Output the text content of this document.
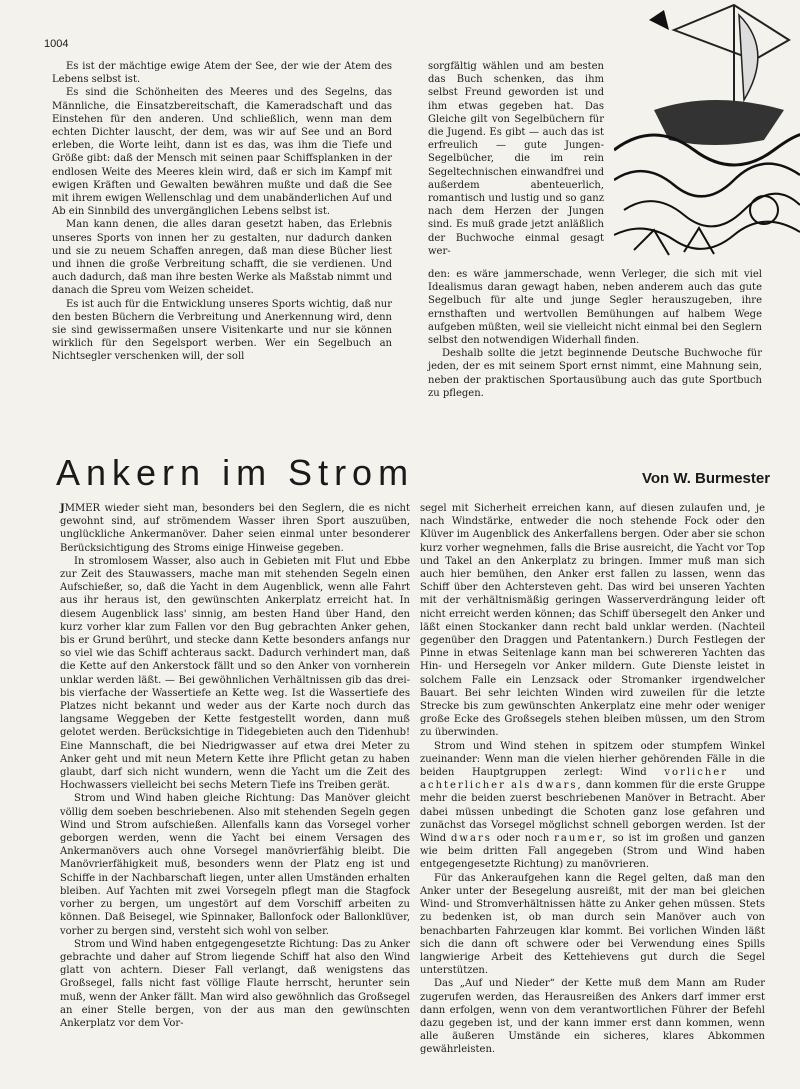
1004

Es ist der mächtige ewige Atem der See, der wie der Atem des Lebens selbst ist.

Es sind die Schönheiten des Meeres und des Segelns, das Männliche, die Einsatzbereitschaft, die Kameradschaft und das Einstehen für den anderen. Und schließlich, wenn man dem echten Dichter lauscht, der dem, was wir auf See und an Bord erleben, die Worte leiht, dann ist es das, was ihm die Tiefe und Größe gibt: daß der Mensch mit seinen paar Schiffsplanken in der endlosen Weite des Meeres klein wird, daß er sich im Kampf mit ewigen Kräften und Gewalten bewähren mußte und daß die See mit ihrem ewigen Wellenschlag und dem unabänderlichen Auf und Ab ein Sinnbild des unvergänglichen Lebens selbst ist.

Man kann denen, die alles daran gesetzt haben, das Erlebnis unseres Sports von innen her zu gestalten, nur dadurch danken und sie zu neuem Schaffen anregen, daß man diese Bücher liest und ihnen die große Verbreitung schafft, die sie verdienen. Und auch dadurch, daß man ihre besten Werke als Maßstab nimmt und danach die Spreu vom Weizen scheidet.

Es ist auch für die Entwicklung unseres Sports wichtig, daß nur den besten Büchern die Verbreitung und Anerkennung wird, denn sie sind gewissermaßen unsere Visitenkarte und nur sie können wirklich für den Segelsport werben. Wer ein Segelbuch an Nichtsegler verschenken will, der soll

sorgfältig wählen und am besten das Buch schenken, das ihm selbst Freund geworden ist und ihm etwas gegeben hat. Das Gleiche gilt von Segelbüchern für die Jugend. Es gibt — auch das ist erfreulich — gute Jungen-Segelbücher, die im rein Segeltechnischen einwandfrei und außerdem abenteuerlich, romantisch und lustig und so ganz nach dem Herzen der Jungen sind. Es muß grade jetzt anläßlich der Buchwoche einmal gesagt wer-

den: es wäre jammerschade, wenn Verleger, die sich mit viel Idealismus daran gewagt haben, neben anderem auch das gute Segelbuch für alte und junge Segler herauszugeben, ihre ernsthaften und wertvollen Bemühungen auf halbem Wege aufgeben müßten, weil sie vielleicht nicht einmal bei den Seglern selbst den notwendigen Widerhall finden.

Deshalb sollte die jetzt beginnende Deutsche Buchwoche für jeden, der es mit seinem Sport ernst nimmt, eine Mahnung sein, neben der praktischen Sportausübung auch das gute Sportbuch zu pflegen.

Ankern im Strom	Von W. Burmester

JMMER wieder sieht man, besonders bei den Seglern, die es nicht gewohnt sind, auf strömendem Wasser ihren Sport auszuüben, unglückliche Ankermanöver. Daher seien einmal unter besonderer Berücksichtigung des Stroms einige Hinweise gegeben.

In stromlosem Wasser, also auch in Gebieten mit Flut und Ebbe zur Zeit des Stauwassers, mache man mit stehenden Segeln einen Aufschießer, so, daß die Yacht in dem Augenblick, wenn alle Fahrt aus ihr heraus ist, den gewünschten Ankerplatz erreicht hat. In diesem Augenblick lass' sinnig, am besten Hand über Hand, den kurz vorher klar zum Fallen vor den Bug gebrachten Anker gehen, bis er Grund berührt, und stecke dann Kette besonders anfangs nur so viel wie das Schiff achteraus sackt. Dadurch verhindert man, daß die Kette auf den Ankerstock fällt und so den Anker von vornherein unklar werden läßt. — Bei gewöhnlichen Verhältnissen gib das drei- bis vierfache der Wassertiefe an Kette weg. Ist die Wassertiefe des Platzes nicht bekannt und weder aus der Karte noch durch das langsame Weggeben der Kette festgestellt worden, dann muß gelotet werden. Berücksichtige in Tidegebieten auch den Tidenhub! Eine Mannschaft, die bei Niedrigwasser auf etwa drei Meter zu Anker geht und mit neun Metern Kette ihre Pflicht getan zu haben glaubt, darf sich nicht wundern, wenn die Yacht um die Zeit des Hochwassers vielleicht bei sechs Metern Tiefe ins Treiben gerät.

Strom und Wind haben gleiche Richtung: Das Manöver gleicht völlig dem soeben beschriebenen. Also mit stehenden Segeln gegen Wind und Strom aufschießen. Allenfalls kann das Vorsegel vorher geborgen werden, wenn die Yacht bei einem Versagen des Ankermanövers auch ohne Vorsegel manövrierfähig bleibt. Die Manövrierfähigkeit muß, besonders wenn der Platz eng ist und Schiffe in der Nachbarschaft liegen, unter allen Umständen erhalten bleiben. Auf Yachten mit zwei Vorsegeln pflegt man die Stagfock vorher zu bergen, um ungestört auf dem Vorschiff arbeiten zu können. Daß Beisegel, wie Spinnaker, Ballonfock oder Ballonklüver, vorher zu bergen sind, versteht sich wohl von selber.

Strom und Wind haben entgegengesetzte Richtung: Das zu Anker gebrachte und daher auf Strom liegende Schiff hat also den Wind glatt von achtern. Dieser Fall verlangt, daß wenigstens das Großsegel, falls nicht fast völlige Flaute herrscht, herunter sein muß, wenn der Anker fällt. Man wird also gewöhnlich das Großsegel an einer Stelle bergen, von der aus man den gewünschten Ankerplatz vor dem Vor-

segel mit Sicherheit erreichen kann, auf diesen zulaufen und, je nach Windstärke, entweder die noch stehende Fock oder den Klüver im Augenblick des Ankerfallens bergen. Oder aber sie schon kurz vorher wegnehmen, falls die Brise ausreicht, die Yacht vor Top und Takel an den Ankerplatz zu bringen. Immer muß man sich auch hier bemühen, den Anker erst fallen zu lassen, wenn das Schiff über den Achtersteven geht. Das wird bei unseren Yachten mit der verhältnismäßig geringen Wasserverdrängung leider oft nicht erreicht werden können; das Schiff übersegelt den Anker und läßt einen Stockanker dann recht bald unklar werden. (Nachteil gegenüber den Draggen und Patentankern.) Durch Festlegen der Pinne in etwas Seitenlage kann man bei schwereren Yachten das Hin- und Hersegeln vor Anker mildern. Gute Dienste leistet in solchem Falle ein Lenzsack oder Stromanker irgendwelcher Bauart. Bei sehr leichten Winden wird zuweilen für die letzte Strecke bis zum gewünschten Ankerplatz eine mehr oder weniger große Ecke des Großsegels stehen bleiben müssen, um den Strom zu überwinden.

Strom und Wind stehen in spitzem oder stumpfem Winkel zueinander: Wenn man die vielen hierher gehörenden Fälle in die beiden Hauptgruppen zerlegt: Wind vorlicher und achterlicher als dwars, dann kommen für die erste Gruppe mehr die beiden zuerst beschriebenen Manöver in Betracht. Aber dabei müssen unbedingt die Schoten ganz lose gefahren und zunächst das Vorsegel möglichst schnell geborgen werden. Ist der Wind dwars oder noch raumer, so ist im großen und ganzen wie beim dritten Fall angegeben (Strom und Wind haben entgegengesetzte Richtung) zu manövrieren.

Für das Ankeraufgehen kann die Regel gelten, daß man den Anker unter der Besegelung ausreißt, mit der man bei gleichen Wind- und Stromverhältnissen hätte zu Anker gehen müssen. Stets zu bedenken ist, ob man durch sein Manöver auch von benachbarten Fahrzeugen klar kommt. Bei vorlichen Winden läßt sich die dann oft schwere oder bei Verwendung eines Spills langwierige Arbeit des Kettehievens gut durch die Segel unterstützen.

Das „Auf und Nieder“ der Kette muß dem Mann am Ruder zugerufen werden, das Herausreißen des Ankers darf immer erst dann erfolgen, wenn von dem verantwortlichen Führer der Befehl dazu gegeben ist, und der kann immer erst dann kommen, wenn alle äußeren Umstände ein sicheres, klares Abkommen gewährleisten.
